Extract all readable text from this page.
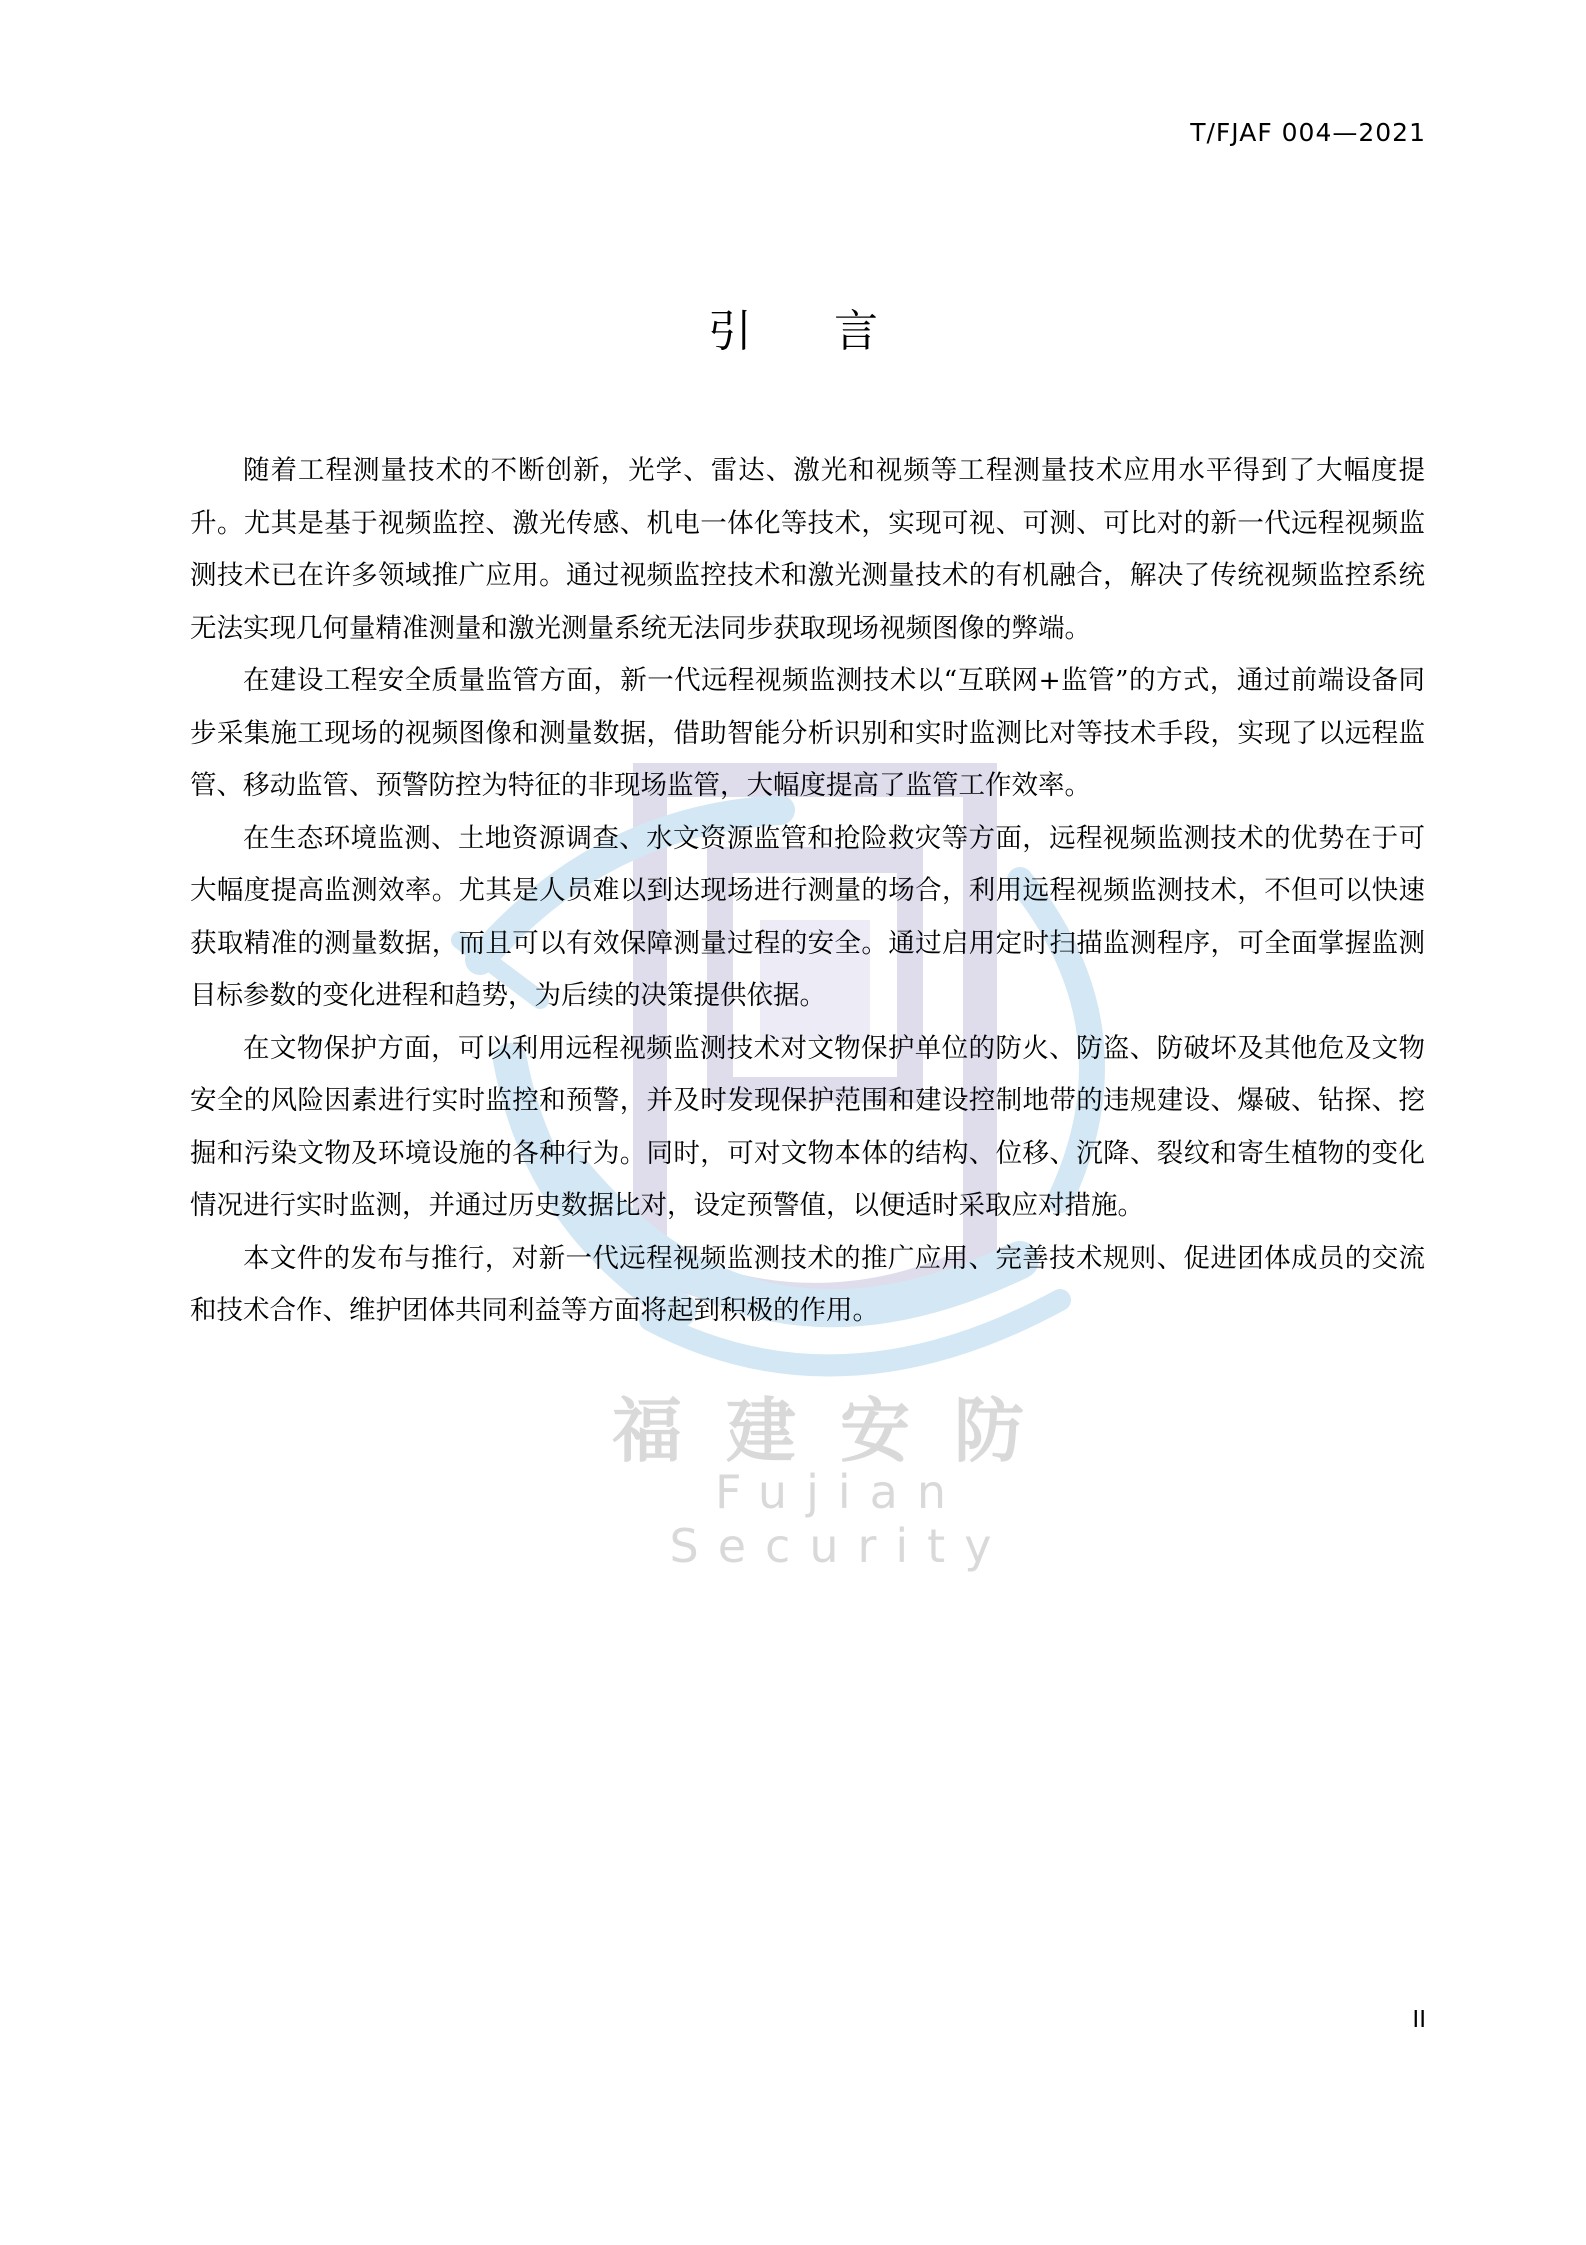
T/FJAF 004—2021
引言

随着工程测量技术的不断创新，光学、雷达、激光和视频等工程测量技术应用水平得到了大幅度提升。尤其是基于视频监控、激光传感、机电一体化等技术，实现可视、可测、可比对的新一代远程视频监测技术已在许多领域推广应用。通过视频监控技术和激光测量技术的有机融合，解决了传统视频监控系统无法实现几何量精准测量和激光测量系统无法同步获取现场视频图像的弊端。

在建设工程安全质量监管方面，新一代远程视频监测技术以“互联网+监管”的方式，通过前端设备同步采集施工现场的视频图像和测量数据，借助智能分析识别和实时监测比对等技术手段，实现了以远程监管、移动监管、预警防控为特征的非现场监管，大幅度提高了监管工作效率。

在生态环境监测、土地资源调查、水文资源监管和抢险救灾等方面，远程视频监测技术的优势在于可大幅度提高监测效率。尤其是人员难以到达现场进行测量的场合，利用远程视频监测技术，不但可以快速获取精准的测量数据，而且可以有效保障测量过程的安全。通过启用定时扫描监测程序，可全面掌握监测目标参数的变化进程和趋势，为后续的决策提供依据。

在文物保护方面，可以利用远程视频监测技术对文物保护单位的防火、防盗、防破坏及其他危及文物安全的风险因素进行实时监控和预警，并及时发现保护范围和建设控制地带的违规建设、爆破、钻探、挖掘和污染文物及环境设施的各种行为。同时，可对文物本体的结构、位移、沉降、裂纹和寄生植物的变化情况进行实时监测，并通过历史数据比对，设定预警值，以便适时采取应对措施。

本文件的发布与推行，对新一代远程视频监测技术的推广应用、完善技术规则、促进团体成员的交流和技术合作、维护团体共同利益等方面将起到积极的作用。

福建安防
Fujian Security
II
